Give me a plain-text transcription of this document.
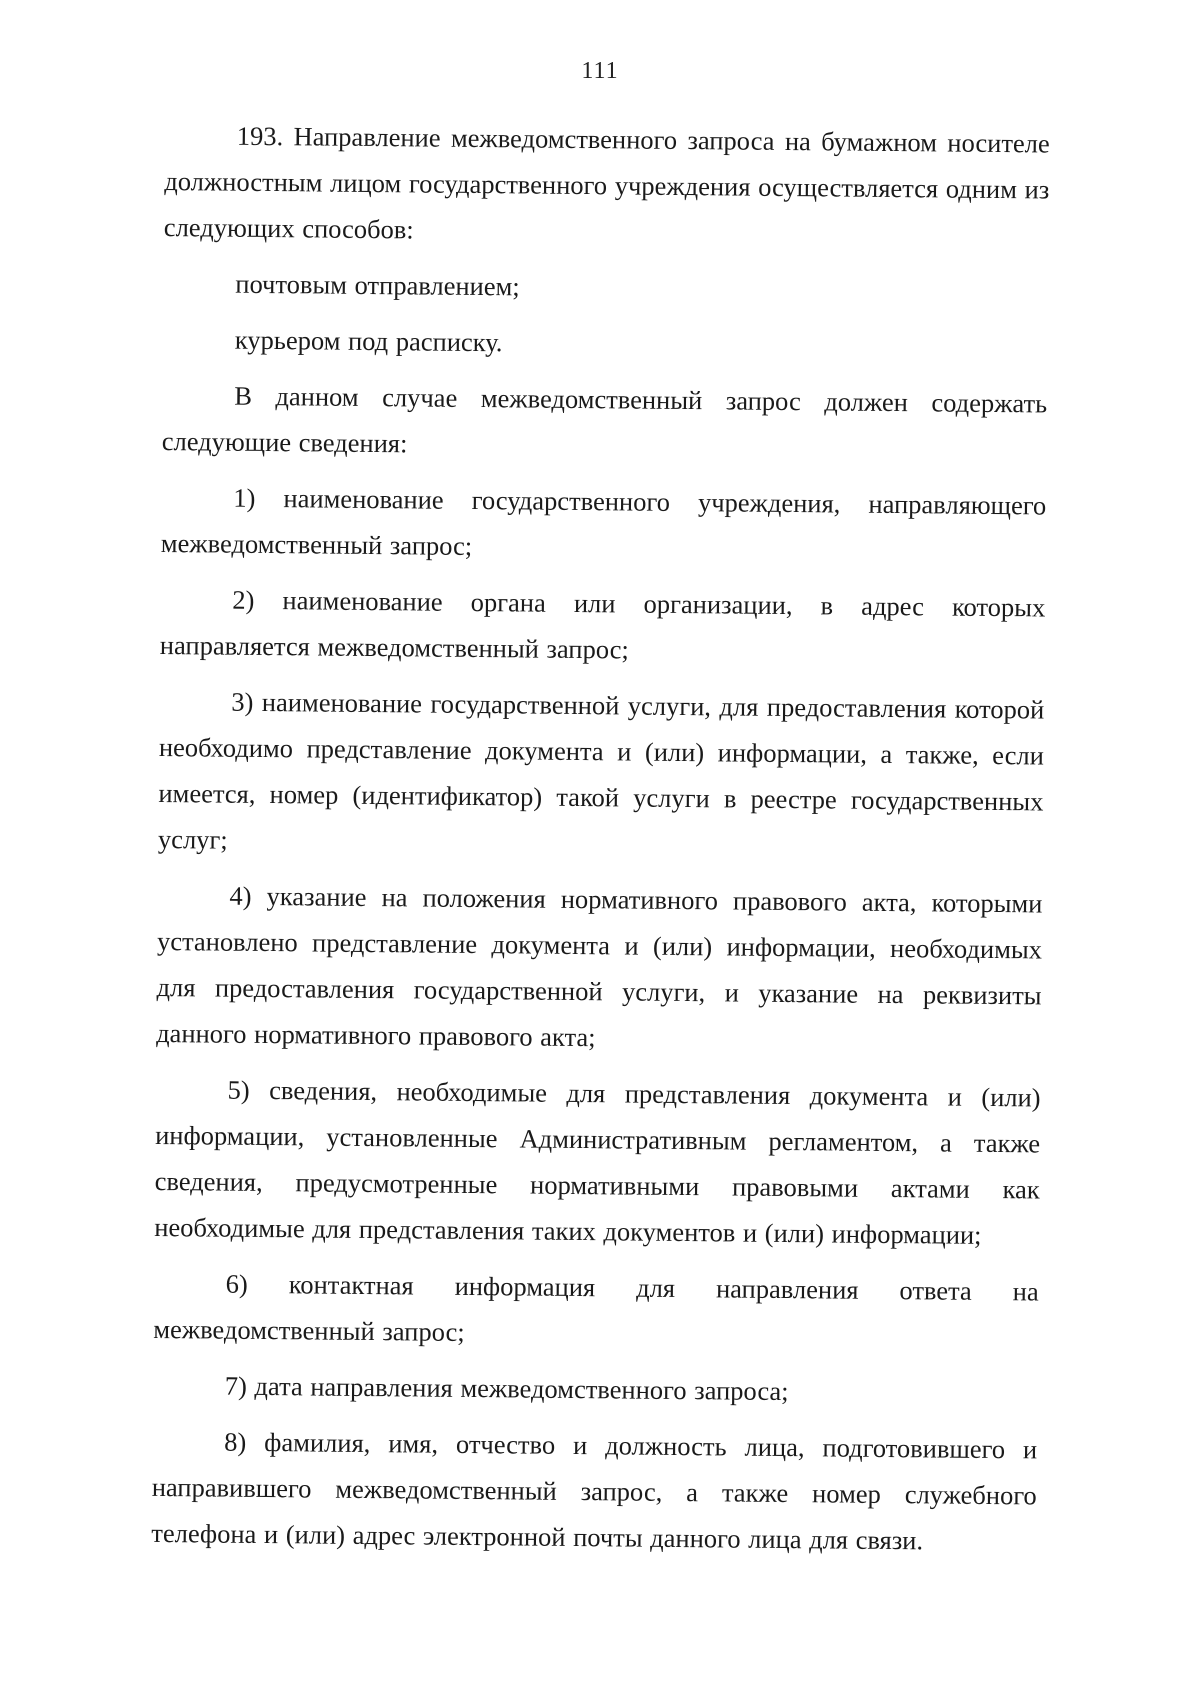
111

193. Направление межведомственного запроса на бумажном носителе должностным лицом государственного учреждения осуществляется одним из следующих способов:

почтовым отправлением;

курьером под расписку.

В данном случае межведомственный запрос должен содержать следующие сведения:

1) наименование государственного учреждения, направляющего межведомственный запрос;

2) наименование органа или организации, в адрес которых направляется межведомственный запрос;

3) наименование государственной услуги, для предоставления которой необходимо представление документа и (или) информации, а также, если имеется, номер (идентификатор) такой услуги в реестре государственных услуг;

4) указание на положения нормативного правового акта, которыми установлено представление документа и (или) информации, необходимых для предоставления государственной услуги, и указание на реквизиты данного нормативного правового акта;

5) сведения, необходимые для представления документа и (или) информации, установленные Административным регламентом, а также сведения, предусмотренные нормативными правовыми актами как необходимые для представления таких документов и (или) информации;

6) контактная информация для направления ответа на межведомственный запрос;

7) дата направления межведомственного запроса;

8) фамилия, имя, отчество и должность лица, подготовившего и направившего межведомственный запрос, а также номер служебного телефона и (или) адрес электронной почты данного лица для связи.
